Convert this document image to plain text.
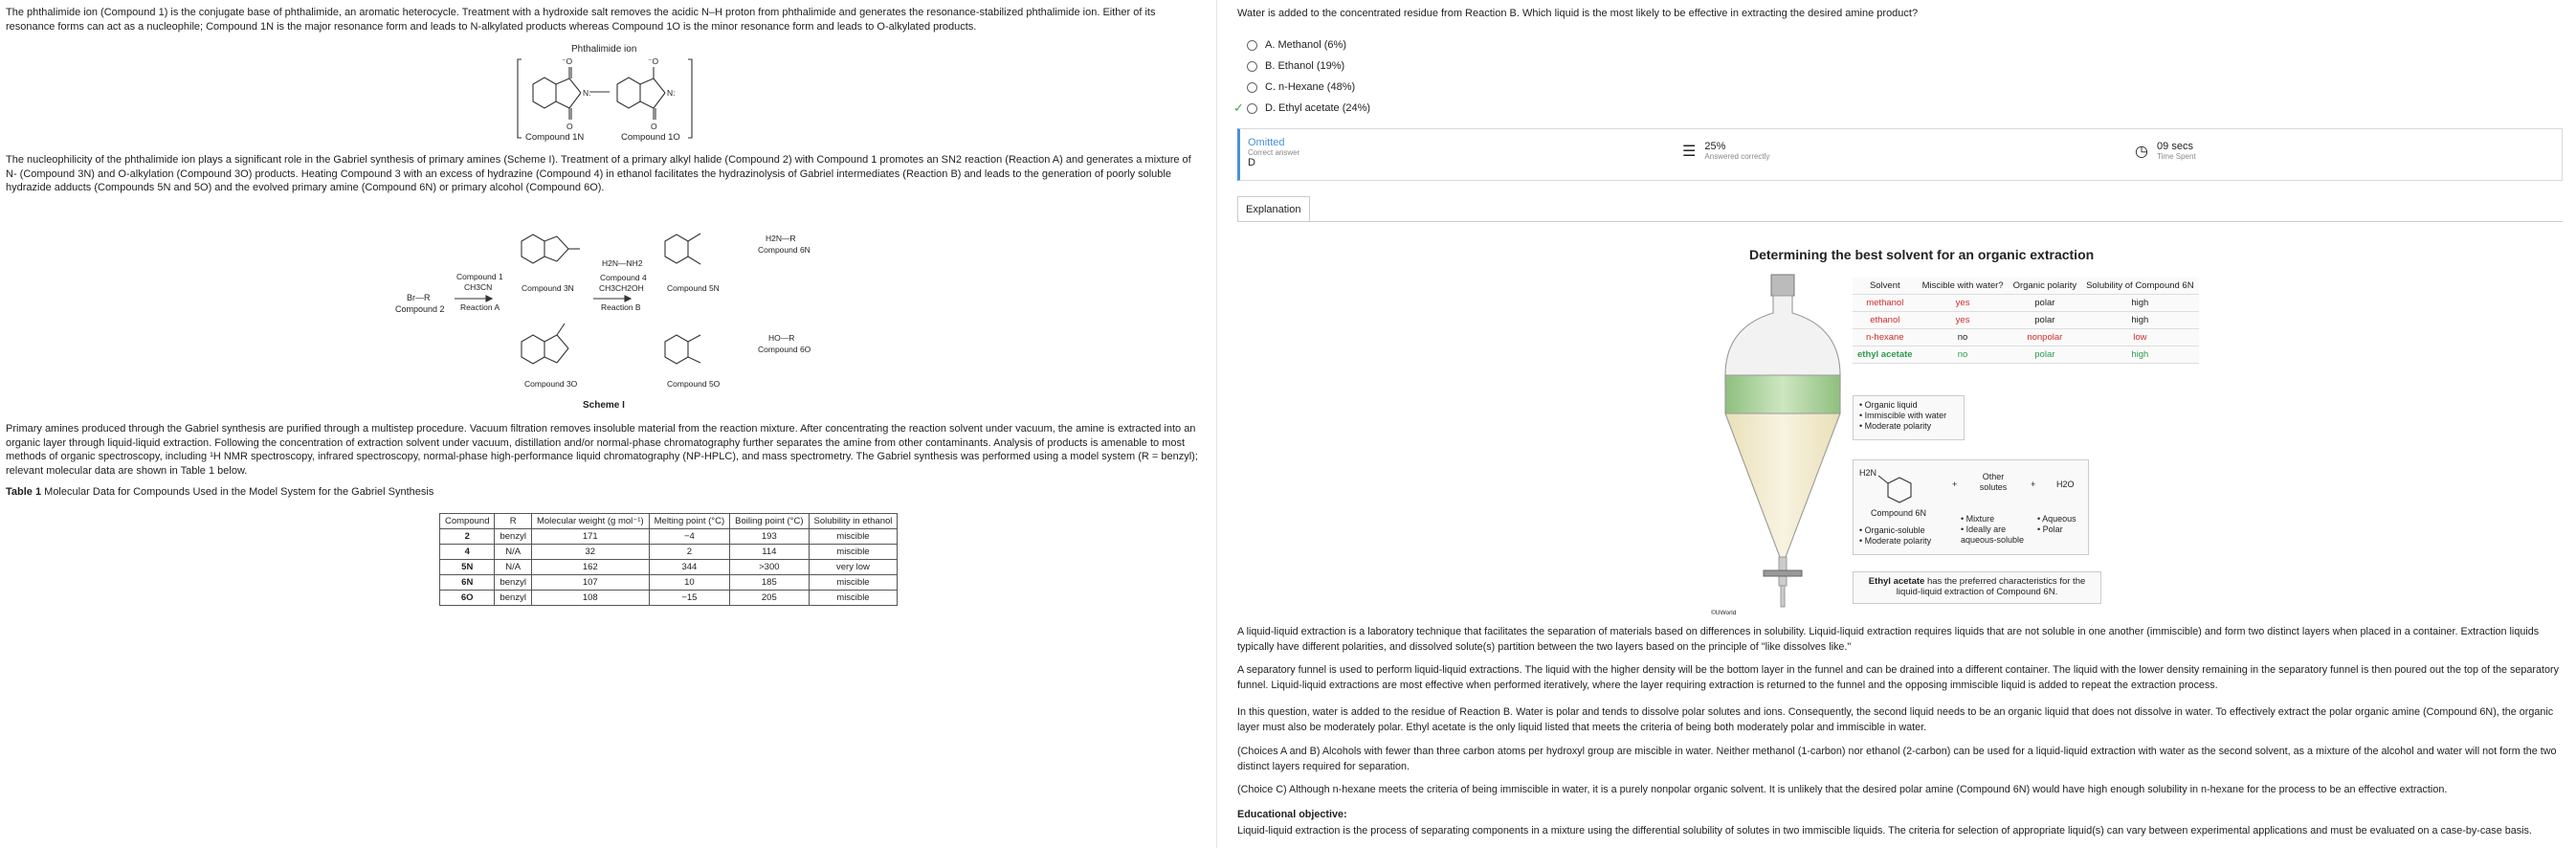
The phthalimide ion (Compound 1) is the conjugate base of phthalimide, an aromatic heterocycle. Treatment with a hydroxide salt removes the acidic N–H proton from phthalimide and generates the resonance-stabilized phthalimide ion. Either of its resonance forms can act as a nucleophile; Compound 1N is the major resonance form and leads to N-alkylated products whereas Compound 1O is the minor resonance form and leads to O-alkylated products.

Phthalimide ion
⁻O
O
N:
⁻O
O
N:
Compound 1N	Compound 1O

The nucleophilicity of the phthalimide ion plays a significant role in the Gabriel synthesis of primary amines (Scheme I). Treatment of a primary alkyl halide (Compound 2) with Compound 1 promotes an SN2 reaction (Reaction A) and generates a mixture of N- (Compound 3N) and O-alkylation (Compound 3O) products. Heating Compound 3 with an excess of hydrazine (Compound 4) in ethanol facilitates the hydrazinolysis of Gabriel intermediates (Reaction B) and leads to the generation of poorly soluble hydrazide adducts (Compounds 5N and 5O) and the evolved primary amine (Compound 6N) or primary alcohol (Compound 6O).

Br—R
Compound 2
Compound 1
CH3CN
Reaction A
Compound 3N
Compound 3O
H2N—NH2
Compound 4
CH3CH2OH
Reaction B
Compound 5N
Compound 5O
H2N—R
Compound 6N
HO—R
Compound 6O
Scheme I

Primary amines produced through the Gabriel synthesis are purified through a multistep procedure. Vacuum filtration removes insoluble material from the reaction mixture. After concentrating the reaction solvent under vacuum, the amine is extracted into an organic layer through liquid-liquid extraction. Following the concentration of extraction solvent under vacuum, distillation and/or normal-phase chromatography further separates the amine from other contaminants. Analysis of products is amenable to most methods of organic spectroscopy, including ¹H NMR spectroscopy, infrared spectroscopy, normal-phase high-performance liquid chromatography (NP-HPLC), and mass spectrometry. The Gabriel synthesis was performed using a model system (R = benzyl); relevant molecular data are shown in Table 1 below.

Table 1 Molecular Data for Compounds Used in the Model System for the Gabriel Synthesis

Compound	R	Molecular weight (g mol⁻¹)	Melting point (°C)	Boiling point (°C)	Solubility in ethanol
2	benzyl	171	−4	193	miscible
4	N/A	32	2	114	miscible
5N	N/A	162	344	>300	very low
6N	benzyl	107	10	185	miscible
6O	benzyl	108	−15	205	miscible
Water is added to the concentrated residue from Reaction B. Which liquid is the most likely to be effective in extracting the desired amine product?
A. Methanol (6%)
B. Ethanol (19%)
C. n-Hexane (48%)
✓ D. Ethyl acetate (24%)
Omitted
Correct answer
D
☰ 25%
Answered correctly	◷ 09 secs
Time Spent
Explanation
Determining the best solvent for an organic extraction
©UWorld
Solvent	Miscible with water?	Organic polarity	Solubility of Compound 6N
methanol	yes	polar	high
ethanol	yes	polar	high
n-hexane	no	nonpolar	low
ethyl acetate	no	polar	high
• Organic liquid
• Immiscible with water
• Moderate polarity
H2N
Compound 6N
• Organic-soluble
• Moderate polarity
+
Other solutes
• Mixture
• Ideally are aqueous-soluble
+ H2O
• Aqueous
• Polar
Ethyl acetate has the preferred characteristics for the liquid-liquid extraction of Compound 6N.

A liquid-liquid extraction is a laboratory technique that facilitates the separation of materials based on differences in solubility. Liquid-liquid extraction requires liquids that are not soluble in one another (immiscible) and form two distinct layers when placed in a container. Extraction liquids typically have different polarities, and dissolved solute(s) partition between the two layers based on the principle of "like dissolves like."

A separatory funnel is used to perform liquid-liquid extractions. The liquid with the higher density will be the bottom layer in the funnel and can be drained into a different container. The liquid with the lower density remaining in the separatory funnel is then poured out the top of the separatory funnel. Liquid-liquid extractions are most effective when performed iteratively, where the layer requiring extraction is returned to the funnel and the opposing immiscible liquid is added to repeat the extraction process.

In this question, water is added to the residue of Reaction B. Water is polar and tends to dissolve polar solutes and ions. Consequently, the second liquid needs to be an organic liquid that does not dissolve in water. To effectively extract the polar organic amine (Compound 6N), the organic layer must also be moderately polar. Ethyl acetate is the only liquid listed that meets the criteria of being both moderately polar and immiscible in water.

(Choices A and B) Alcohols with fewer than three carbon atoms per hydroxyl group are miscible in water. Neither methanol (1-carbon) nor ethanol (2-carbon) can be used for a liquid-liquid extraction with water as the second solvent, as a mixture of the alcohol and water will not form the two distinct layers required for separation.

(Choice C) Although n-hexane meets the criteria of being immiscible in water, it is a purely nonpolar organic solvent. It is unlikely that the desired polar amine (Compound 6N) would have high enough solubility in n-hexane for the process to be an effective extraction.

Educational objective:

Liquid-liquid extraction is the process of separating components in a mixture using the differential solubility of solutes in two immiscible liquids. The criteria for selection of appropriate liquid(s) can vary between experimental applications and must be evaluated on a case-by-case basis.
